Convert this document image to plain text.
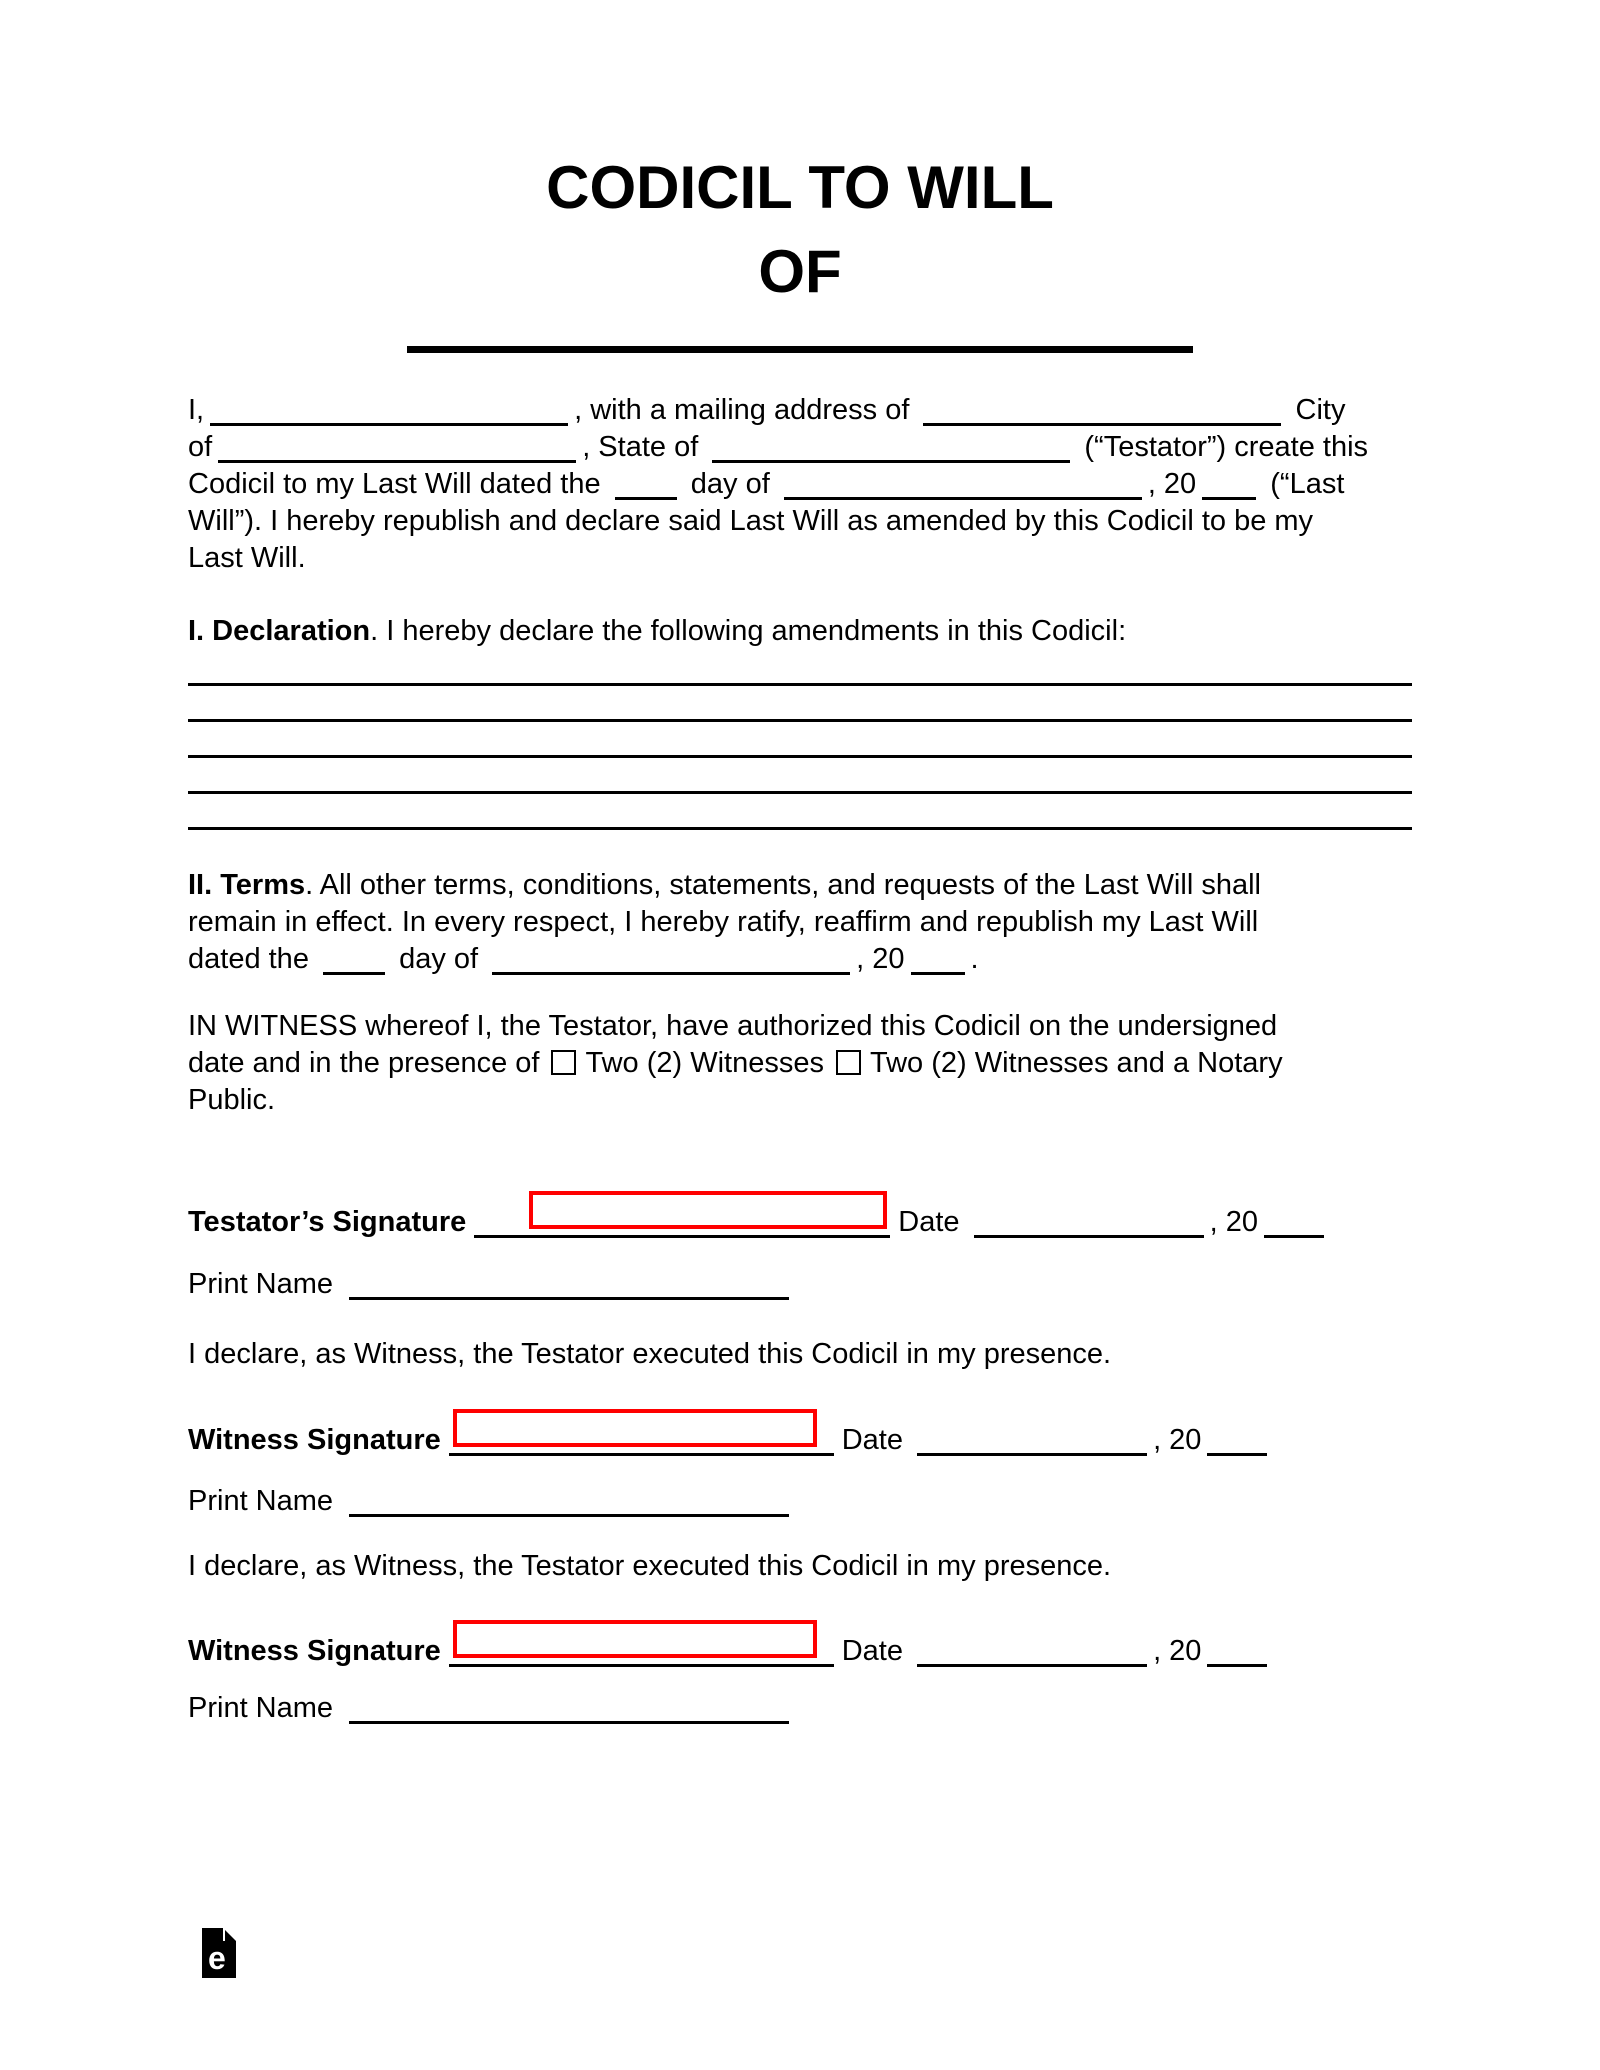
CODICIL TO WILL
OF
I,	, with a mailing address of	City
of	, State of	(“Testator”) create this
Codicil to my Last Will dated the	day of	, 20	(“Last
Will”). I hereby republish and declare said Last Will as amended by this Codicil to be my
Last Will.
I. Declaration. I hereby declare the following amendments in this Codicil:
II. Terms. All other terms, conditions, statements, and requests of the Last Will shall
remain in effect. In every respect, I hereby ratify, reaffirm and republish my Last Will
dated the	day of	, 20 .
IN WITNESS whereof I, the Testator, have authorized this Codicil on the undersigned
date and in the presence of Two (2) Witnesses Two (2) Witnesses and a Notary
Public.
Testator’s Signature	Date	, 20
Print Name
I declare, as Witness, the Testator executed this Codicil in my presence.
Witness Signature	Date	, 20
Print Name
I declare, as Witness, the Testator executed this Codicil in my presence.
Witness Signature	Date	, 20
Print Name
e
